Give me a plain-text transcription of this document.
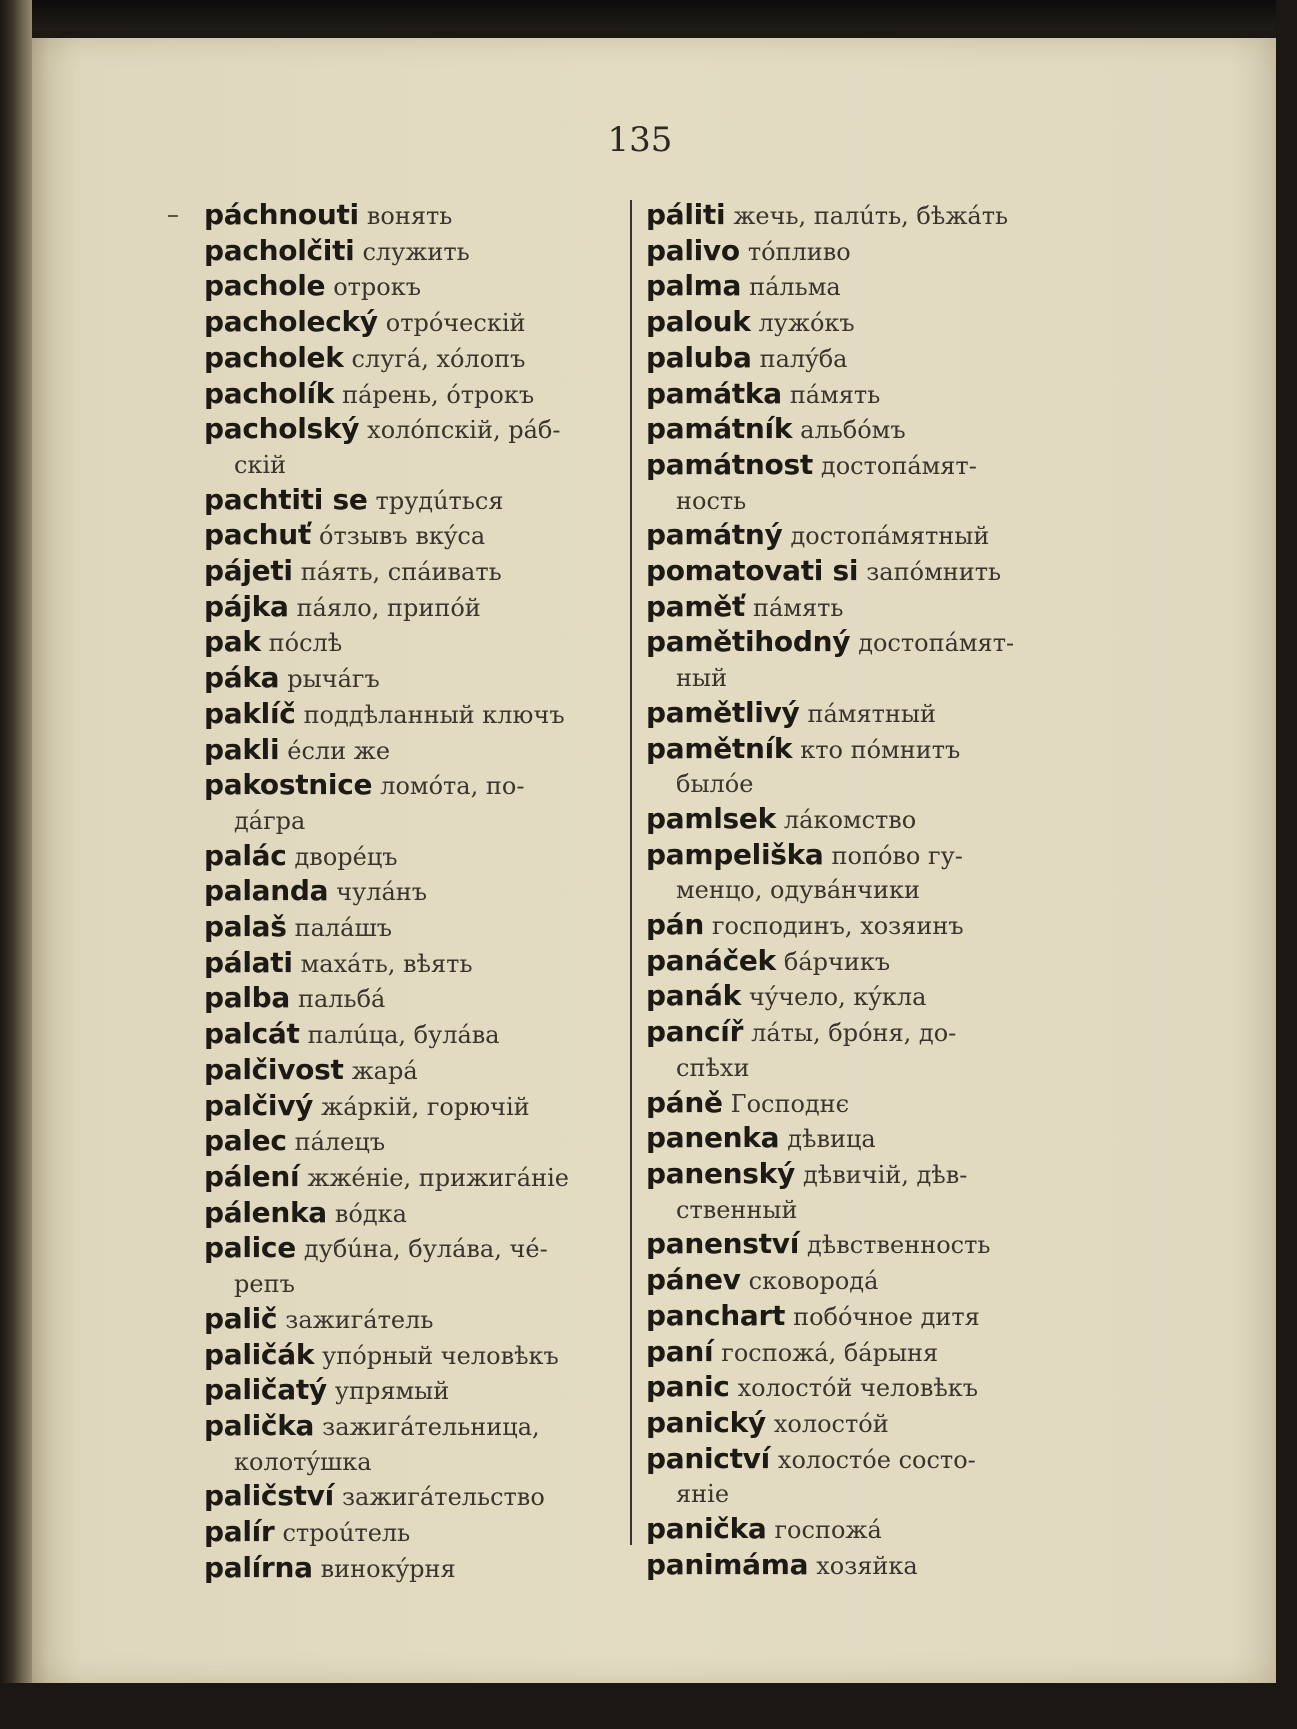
135
páchnouti вонять
pacholčiti служить
pachole отрокъ
pacholecký отрóческій
pacholek слугá, хóлопъ
pacholík пáрень, óтрокъ
pacholský холóпскій, рáб-
скій
pachtiti se трудúться
pachuť óтзывъ вкýса
pájeti пáять, спáивать
pájka пáяло, припóй
pak пóслѣ
páka рычáгъ
paklíč поддѣланный ключъ
pakli éсли же
pakostnice ломóта, по-
дáгра
palác дворéцъ
palanda чулáнъ
palaš палáшъ
pálati махáть, вѣять
palba пальбá
palcát палúца, булáва
palčivost жарá
palčivý жáркій, горючій
palec пáлецъ
pálení жжéніе, прижигáніе
pálenka вóдка
palice дубúна, булáва, чé-
репъ
palič зажигáтель
paličák упóрный человѣкъ
paličatý упрямый
palička зажигáтельница,
колотýшка
paličství зажигáтельство
palír строúтель
palírna винокýрня
páliti жечь, палúть, бѣжáть
palivo тóпливо
palma пáльма
palouk лужóкъ
paluba палýба
památka пáмять
památník альбóмъ
památnost достопáмят-
ность
památný достопáмятный
pomatovati si запóмнить
paměť пáмять
pamětihodný достопáмят-
ный
pamětlivý пáмятный
pamětník кто пóмнитъ
былóе
pamlsek лáкомство
pampeliška попóво гу-
менцо, одувáнчики
pán господинъ, хозяинъ
panáček бáрчикъ
panák чýчело, кýкла
pancíř лáты, брóня, до-
спѣхи
páně Господнє
panenka дѣвица
panenský дѣвичій, дѣв-
ственный
panenství дѣвственность
pánev сковородá
panchart побóчное дитя
paní госпожá, бáрыня
panic холостóй человѣкъ
panický холостóй
panictví холостóе состо-
яніе
panička госпожá
panimáma хозяйка
